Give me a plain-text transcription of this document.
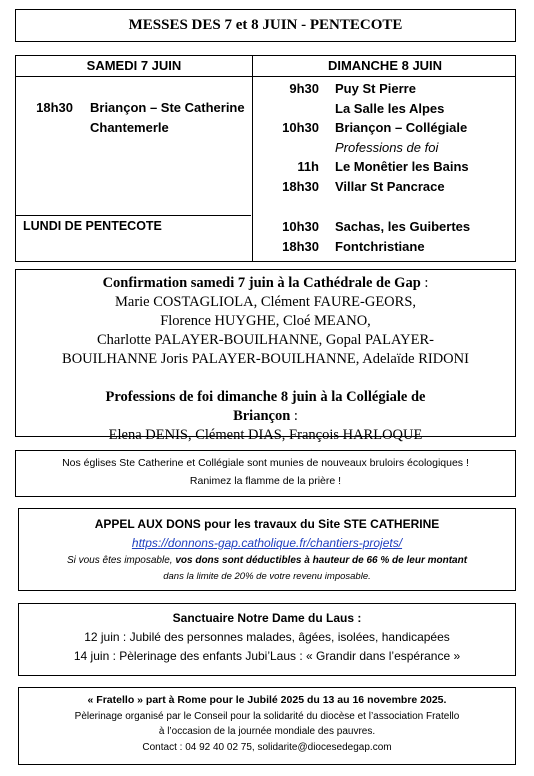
MESSES DES 7 et 8 JUIN - PENTECOTE
SAMEDI 7 JUIN	DIMANCHE 8 JUIN
18h30 Briançon – Ste Catherine
Chantemerle
9h30 Puy St Pierre
La Salle les Alpes
10h30 Briançon – Collégiale
Professions de foi
11h Le Monêtier les Bains
18h30 Villar St Pancrace
LUNDI DE PENTECOTE	10h30 Sachas, les Guibertes
18h30 Fontchristiane

Confirmation samedi 7 juin à la Cathédrale de Gap :

Marie COSTAGLIOLA, Clément FAURE-GEORS,

Florence HUYGHE, Cloé MEANO,

Charlotte PALAYER-BOUILHANNE, Gopal PALAYER-

BOUILHANNE Joris PALAYER-BOUILHANNE, Adelaïde RIDONI

Professions de foi dimanche 8 juin à la Collégiale de

Briançon :

Elena DENIS, Clément DIAS, François HARLOQUE

Nos églises Ste Catherine et Collégiale sont munies de nouveaux bruloirs écologiques !
Ranimez la flamme de la prière !
APPEL AUX DONS pour les travaux du Site STE CATHERINE
https://donnons-gap.catholique.fr/chantiers-projets/
Si vous êtes imposable, vos dons sont déductibles à hauteur de 66 % de leur montant
dans la limite de 20% de votre revenu imposable.
Sanctuaire Notre Dame du Laus :
12 juin : Jubilé des personnes malades, âgées, isolées, handicapées
14 juin : Pèlerinage des enfants Jubi’Laus : « Grandir dans l’espérance »
« Fratello » part à Rome pour le Jubilé 2025 du 13 au 16 novembre 2025.
Pèlerinage organisé par le Conseil pour la solidarité du diocèse et l’association Fratello
à l’occasion de la journée mondiale des pauvres.
Contact : 04 92 40 02 75, solidarite@diocesedegap.com
